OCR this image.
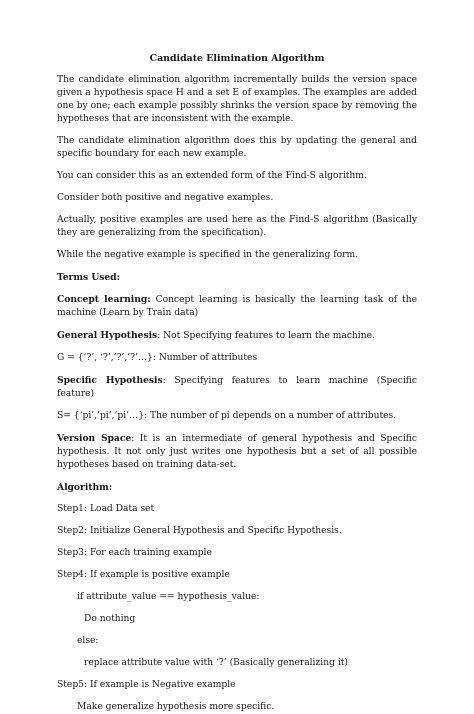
Candidate Elimination Algorithm

The candidate elimination algorithm incrementally builds the version space given a hypothesis space H and a set E of examples. The examples are added one by one; each example possibly shrinks the version space by removing the hypotheses that are inconsistent with the example.

The candidate elimination algorithm does this by updating the general and specific boundary for each new example.

You can consider this as an extended form of the Find-S algorithm.

Consider both positive and negative examples.

Actually, positive examples are used here as the Find-S algorithm (Basically they are generalizing from the specification).

While the negative example is specified in the generalizing form.

Terms Used:

Concept learning: Concept learning is basically the learning task of the machine (Learn by Train data)

General Hypothesis: Not Specifying features to learn the machine.

G = {‘?’, ‘?’,’?’,’?’…}: Number of attributes

Specific Hypothesis: Specifying features to learn machine (Specific feature)

S= {‘pi’,’pi’,’pi’…}: The number of pi depends on a number of attributes.

Version Space: It is an intermediate of general hypothesis and Specific hypothesis. It not only just writes one hypothesis but a set of all possible hypotheses based on training data-set.

Algorithm:

Step1: Load Data set

Step2: Initialize General Hypothesis and Specific Hypothesis.

Step3: For each training example

Step4: If example is positive example

if attribute_value == hypothesis_value:

Do nothing

else:

replace attribute value with ‘?’ (Basically generalizing it)

Step5: If example is Negative example

Make generalize hypothesis more specific.
